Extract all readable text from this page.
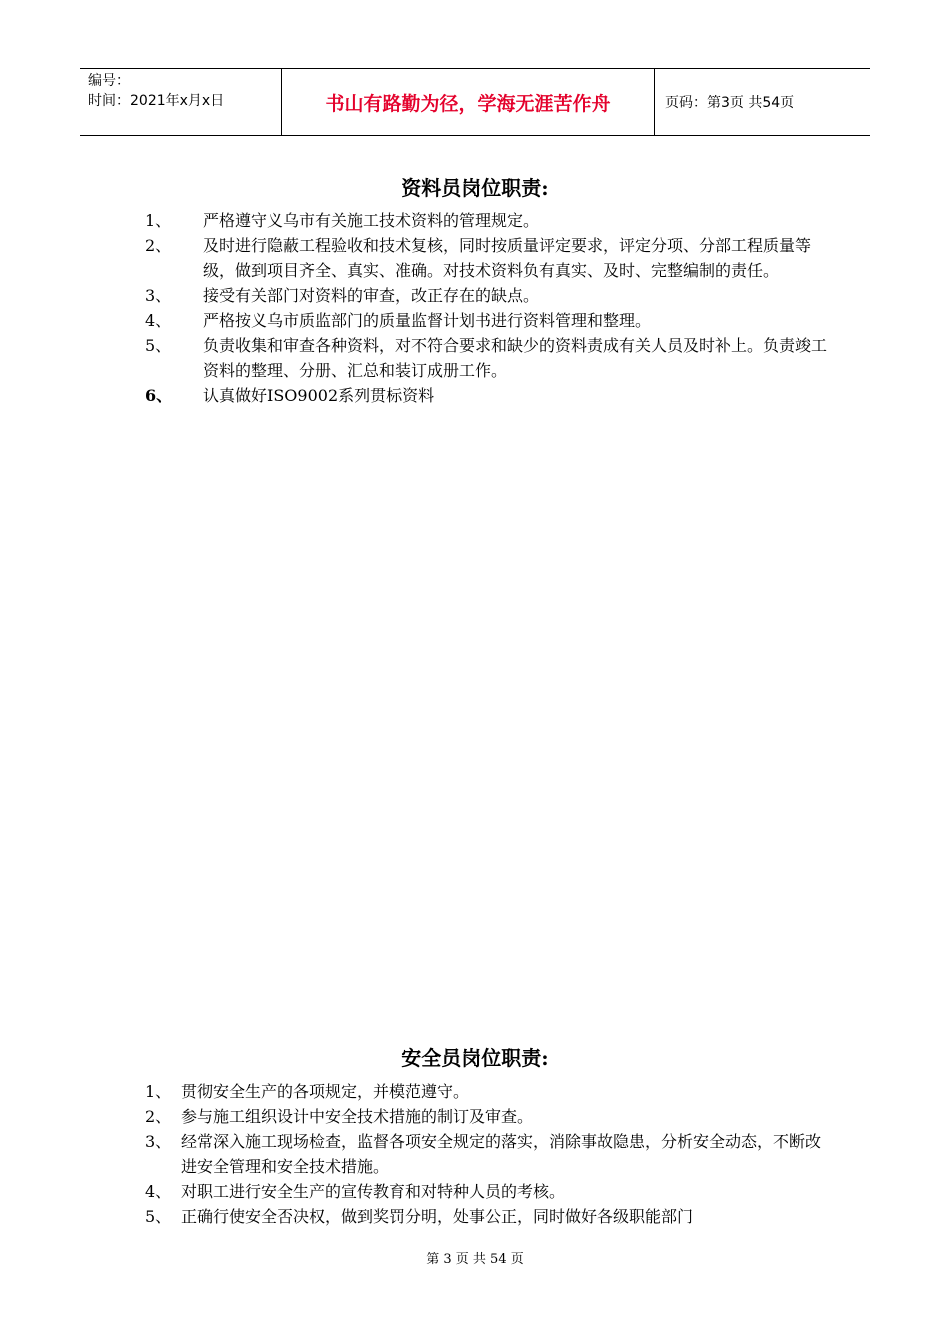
编号：
时间：2021年x月x日	书山有路勤为径，学海无涯苦作舟	页码：第3页 共54页
资料员岗位职责:
1、	严格遵守义乌市有关施工技术资料的管理规定。
2、	及时进行隐蔽工程验收和技术复核，同时按质量评定要求，评定分项、分部工程质量等级，做到项目齐全、真实、准确。对技术资料负有真实、及时、完整编制的责任。
3、	接受有关部门对资料的审查，改正存在的缺点。
4、	严格按义乌市质监部门的质量监督计划书进行资料管理和整理。
5、	负责收集和审查各种资料，对不符合要求和缺少的资料责成有关人员及时补上。负责竣工资料的整理、分册、汇总和装订成册工作。
6、	认真做好ISO9002系列贯标资料
安全员岗位职责:
1、 贯彻安全生产的各项规定，并模范遵守。
2、 参与施工组织设计中安全技术措施的制订及审查。
3、 经常深入施工现场检查，监督各项安全规定的落实，消除事故隐患，分析安全动态，不断改进安全管理和安全技术措施。
4、 对职工进行安全生产的宣传教育和对特种人员的考核。
5、 正确行使安全否决权，做到奖罚分明，处事公正，同时做好各级职能部门
第 3 页 共 54 页
